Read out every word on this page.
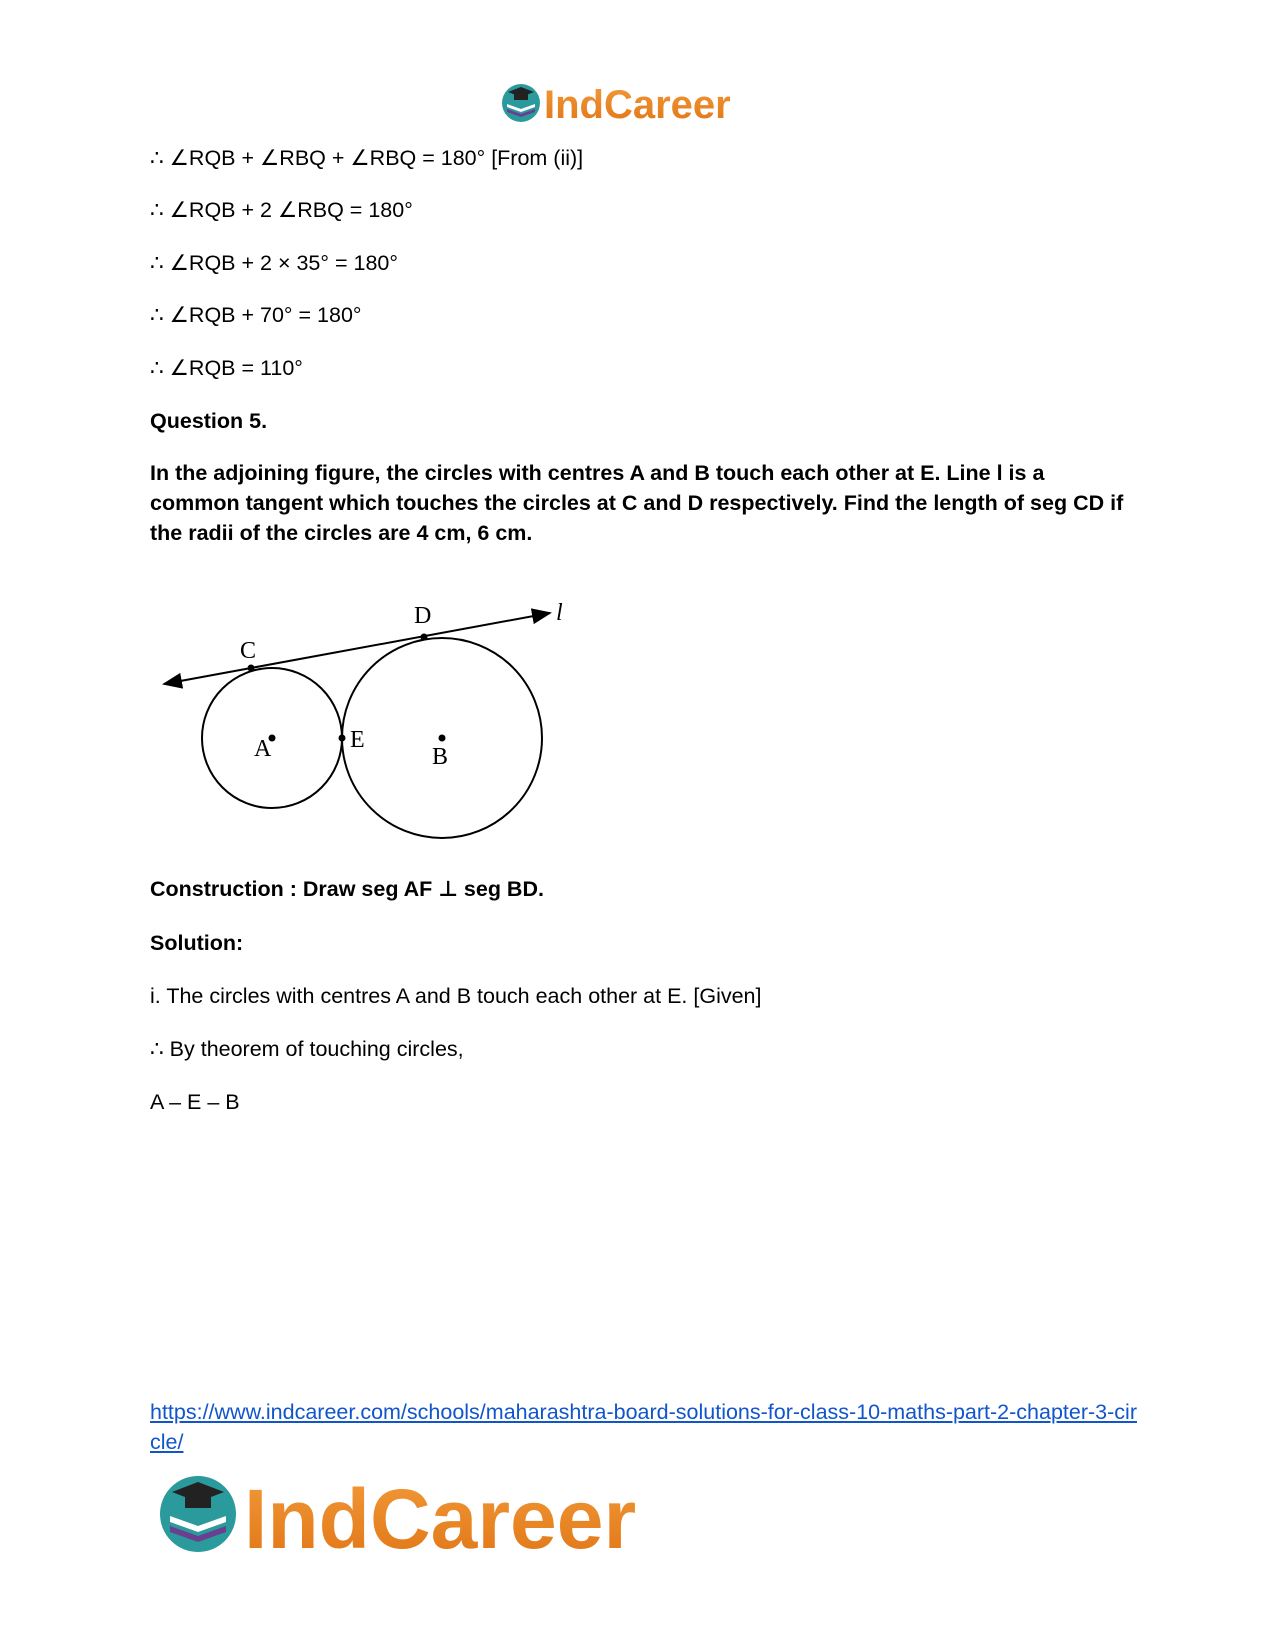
IndCareer
∴ ∠RQB + ∠RBQ + ∠RBQ = 180° [From (ii)]
∴ ∠RQB + 2 ∠RBQ = 180°
∴ ∠RQB + 2 × 35° = 180°
∴ ∠RQB + 70° = 180°
∴ ∠RQB = 110°
Question 5.
In the adjoining figure, the circles with centres A and B touch each other at E. Line l is a common tangent which touches the circles at C and D respectively. Find the length of seg CD if the radii of the circles are 4 cm, 6 cm.
C
D	l
A	B
E
Construction : Draw seg AF ⊥ seg BD.
Solution:
i. The circles with centres A and B touch each other at E. [Given]
∴ By theorem of touching circles,
A – E – B
https://www.indcareer.com/schools/maharashtra-board-solutions-for-class-10-maths-part-2-chapter-3-circle/
IndCareer
